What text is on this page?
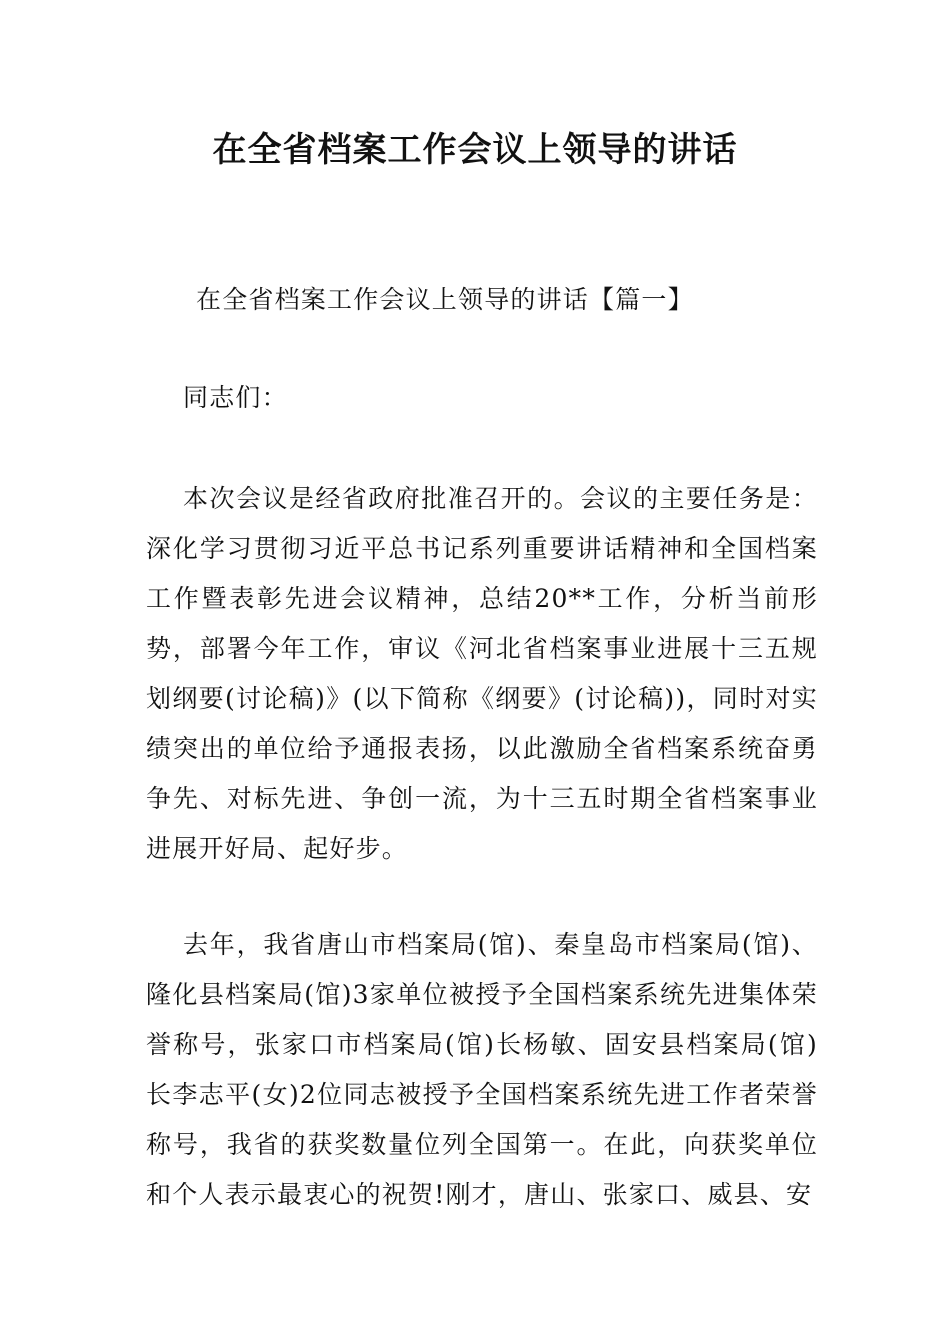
在全省档案工作会议上领导的讲话

在全省档案工作会议上领导的讲话【篇一】

同志们：

本次会议是经省政府批准召开的。会议的主要任务是：深化学习贯彻习近平总书记系列重要讲话精神和全国档案工作暨表彰先进会议精神，总结20**工作，分析当前形势，部署今年工作，审议《河北省档案事业进展十三五规划纲要(讨论稿)》(以下简称《纲要》(讨论稿))，同时对实绩突出的单位给予通报表扬，以此激励全省档案系统奋勇争先、对标先进、争创一流，为十三五时期全省档案事业进展开好局、起好步。

去年，我省唐山市档案局(馆)、秦皇岛市档案局(馆)、隆化县档案局(馆)3家单位被授予全国档案系统先进集体荣誉称号，张家口市档案局(馆)长杨敏、固安县档案局(馆)长李志平(女)2位同志被授予全国档案系统先进工作者荣誉称号，我省的获奖数量位列全国第一。在此，向获奖单位和个人表示最衷心的祝贺!刚才，唐山、张家口、威县、安
